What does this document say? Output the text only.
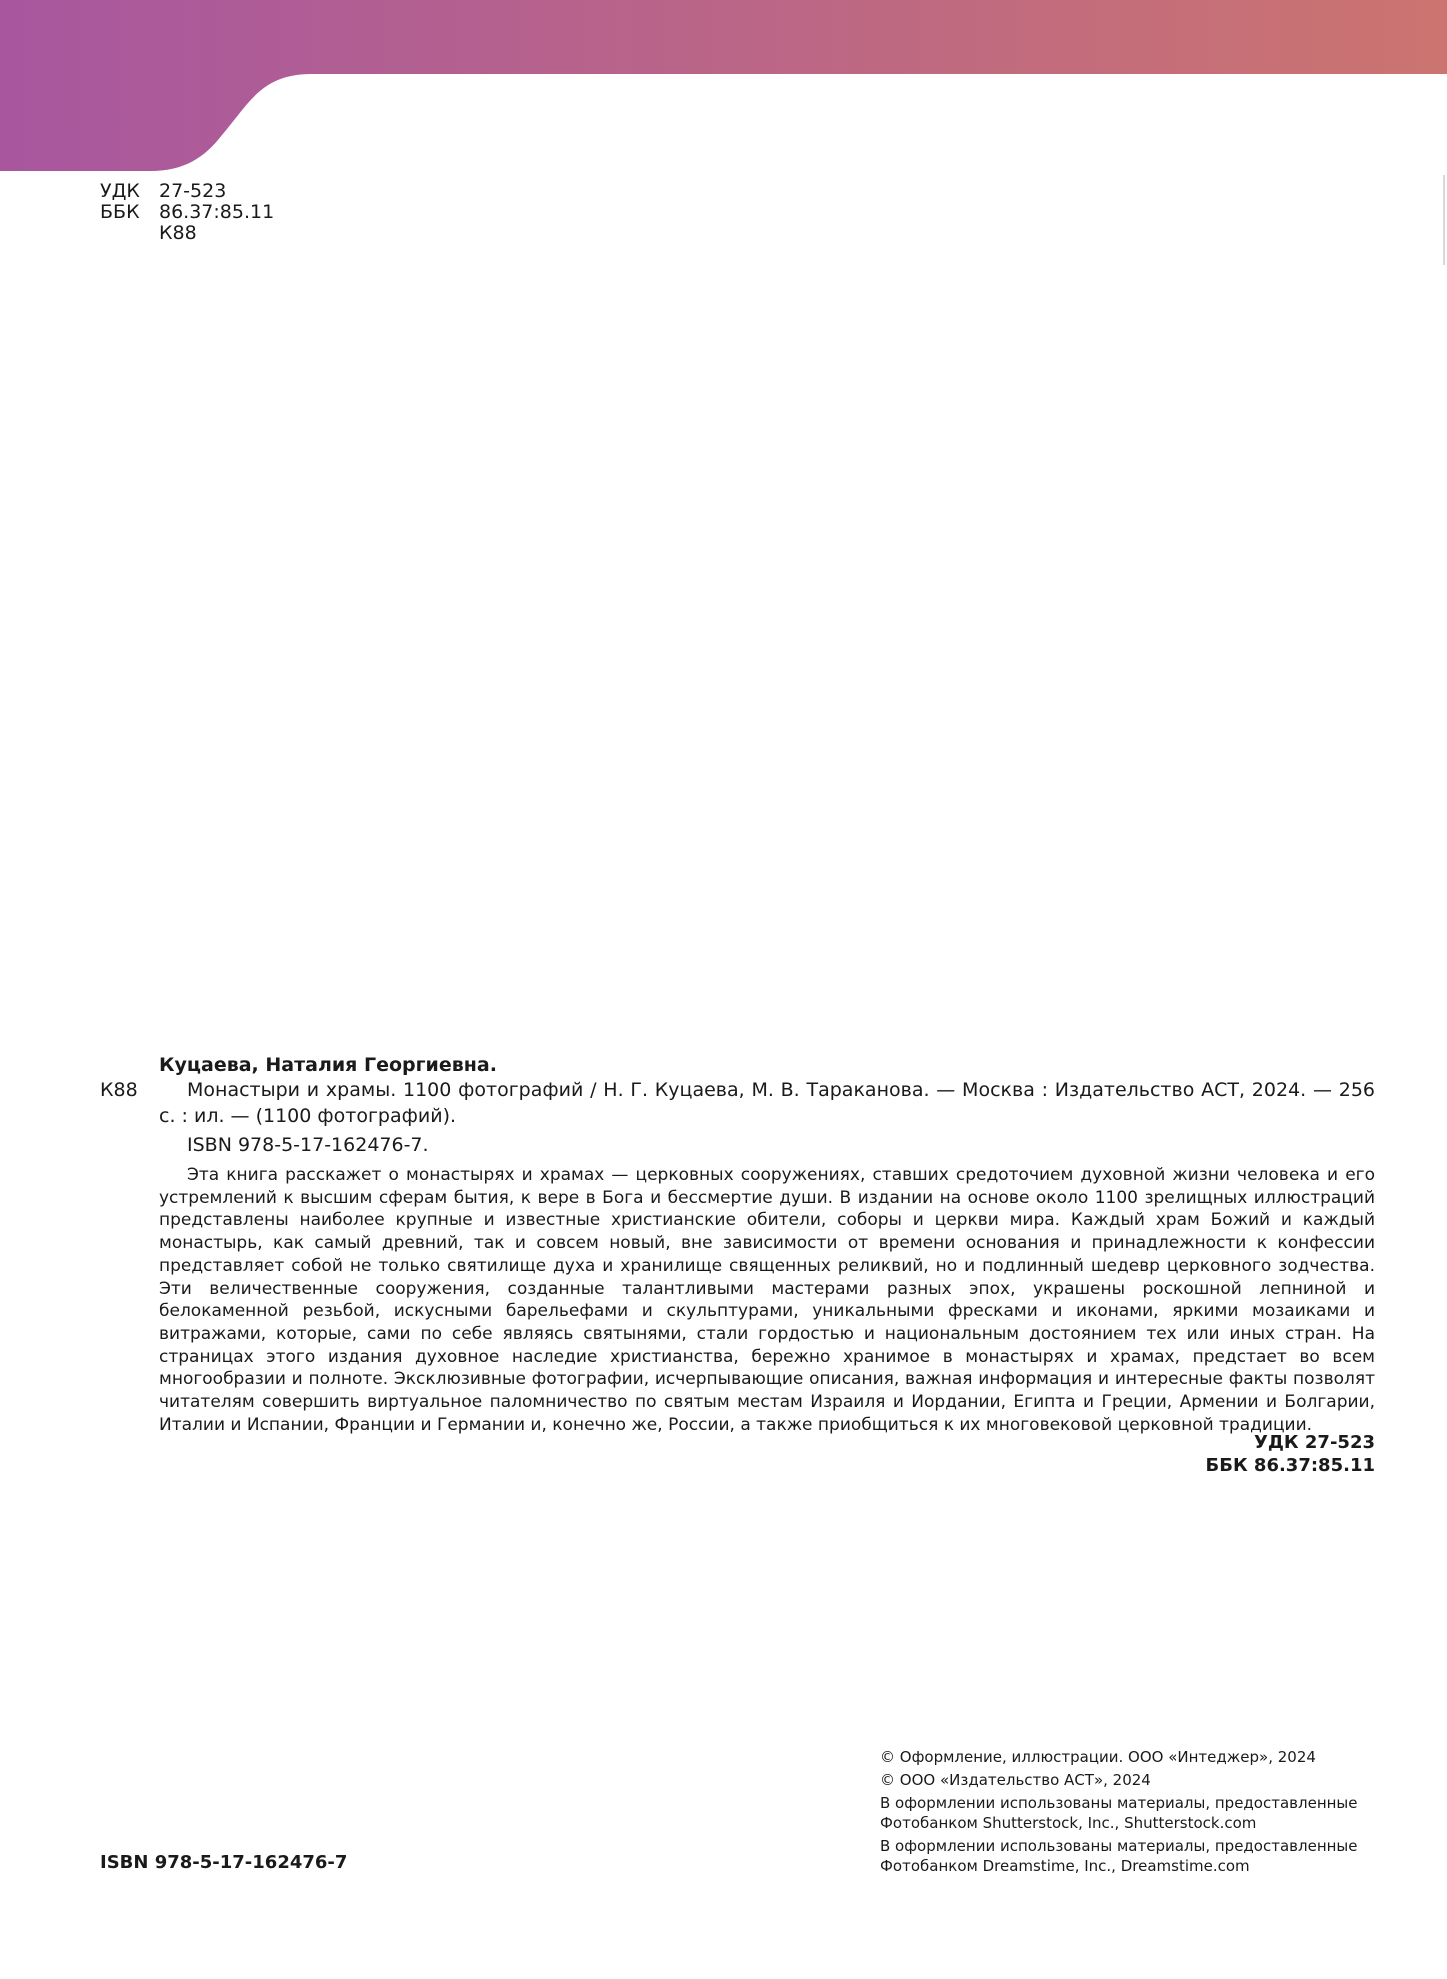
УДК	27-523
ББК	86.37:85.11
К88
Куцаева, Наталия Георгиевна.
К88	Монастыри и храмы. 1100 фотографий / Н. Г. Куцаева, М. В. Тараканова. — Москва : Издательство АСТ, 2024. — 256 с. : ил. — (1100 фотографий).
ISBN 978-5-17-162476-7.
Эта книга расскажет о монастырях и храмах — церковных сооружениях, ставших средоточием духовной жизни человека и его устремлений к высшим сферам бытия, к вере в Бога и бессмертие души. В издании на основе около 1100 зрелищных иллюстраций представлены наиболее крупные и известные христианские обители, соборы и церкви мира. Каждый храм Божий и каждый монастырь, как самый древний, так и совсем новый, вне зависимости от времени основания и принадлежности к конфессии представляет собой не только святилище духа и хранилище священных реликвий, но и подлинный шедевр церковного зодчества. Эти величественные сооружения, созданные талантливыми мастерами разных эпох, украшены роскошной лепниной и белокаменной резьбой, искусными барельефами и скульптурами, уникальными фресками и иконами, яркими мозаиками и витражами, которые, сами по себе являясь святынями, стали гордостью и национальным достоянием тех или иных стран. На страницах этого издания духовное наследие христианства, бережно хранимое в монастырях и храмах, предстает во всем многообразии и полноте. Эксклюзивные фотографии, исчерпывающие описания, важная информация и интересные факты позволят читателям совершить виртуальное паломничество по святым местам Израиля и Иордании, Египта и Греции, Армении и Болгарии, Италии и Испании, Франции и Германии и, конечно же, России, а также приобщиться к их многовековой церковной традиции.
УДК 27-523
ББК 86.37:85.11
© Оформление, иллюстрации. ООО «Интеджер», 2024
© ООО «Издательство АСТ», 2024
В оформлении использованы материалы, предоставленные Фотобанком Shutterstock, Inc., Shutterstock.com
В оформлении использованы материалы, предоставленные Фотобанком Dreamstime, Inc., Dreamstime.com
ISBN 978-5-17-162476-7
